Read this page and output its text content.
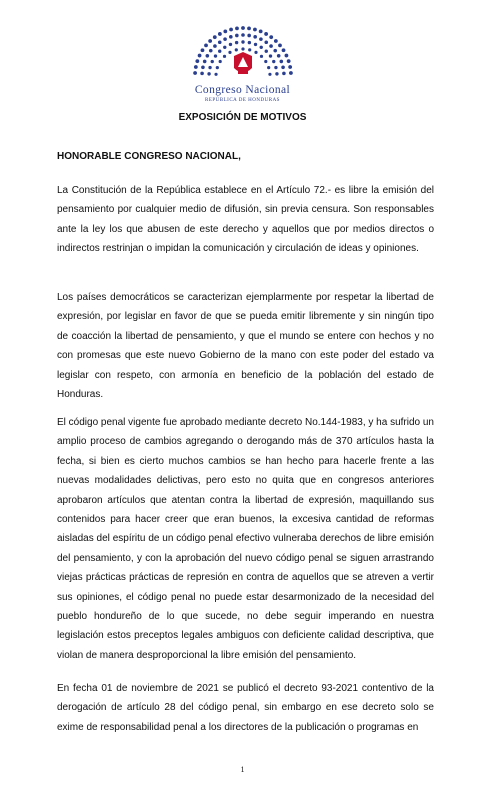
Congreso Nacional
REPÚBLICA DE HONDURAS
EXPOSICIÓN DE MOTIVOS
HONORABLE CONGRESO NACIONAL,

La Constitución de la República establece en el Artículo 72.- es libre la emisión del pensamiento por cualquier medio de difusión, sin previa censura. Son responsables ante la ley los que abusen de este derecho y aquellos que por medios directos o indirectos restrinjan o impidan la comunicación y circulación de ideas y opiniones.

Los países democráticos se caracterizan ejemplarmente por respetar la libertad de expresión, por legislar en favor de que se pueda emitir libremente y sin ningún tipo de coacción la libertad de pensamiento, y que el mundo se entere con hechos y no con promesas que este nuevo Gobierno de la mano con este poder del estado va legislar con respeto, con armonía en beneficio de la población del estado de Honduras.

El código penal vigente fue aprobado mediante decreto No.144-1983, y ha sufrido un amplio proceso de cambios agregando o derogando más de 370 artículos hasta la fecha, si bien es cierto muchos cambios se han hecho para hacerle frente a las nuevas modalidades delictivas, pero esto no quita que en congresos anteriores aprobaron artículos que atentan contra la libertad de expresión, maquillando sus contenidos para hacer creer que eran buenos, la excesiva cantidad de reformas aisladas del espíritu de un código penal efectivo vulneraba derechos de libre emisión del pensamiento, y con la aprobación del nuevo código penal se siguen arrastrando viejas prácticas prácticas de represión en contra de aquellos que se atreven a vertir sus opiniones, el código penal no puede estar desarmonizado de la necesidad del pueblo hondureño de lo que sucede, no debe seguir imperando en nuestra legislación estos preceptos legales ambiguos con deficiente calidad descriptiva, que violan de manera desproporcional la libre emisión del pensamiento.

En fecha 01 de noviembre de 2021 se publicó el decreto 93-2021 contentivo de la derogación de artículo 28 del código penal, sin embargo en ese decreto solo se exime de responsabilidad penal a los directores de la publicación o programas en

1
